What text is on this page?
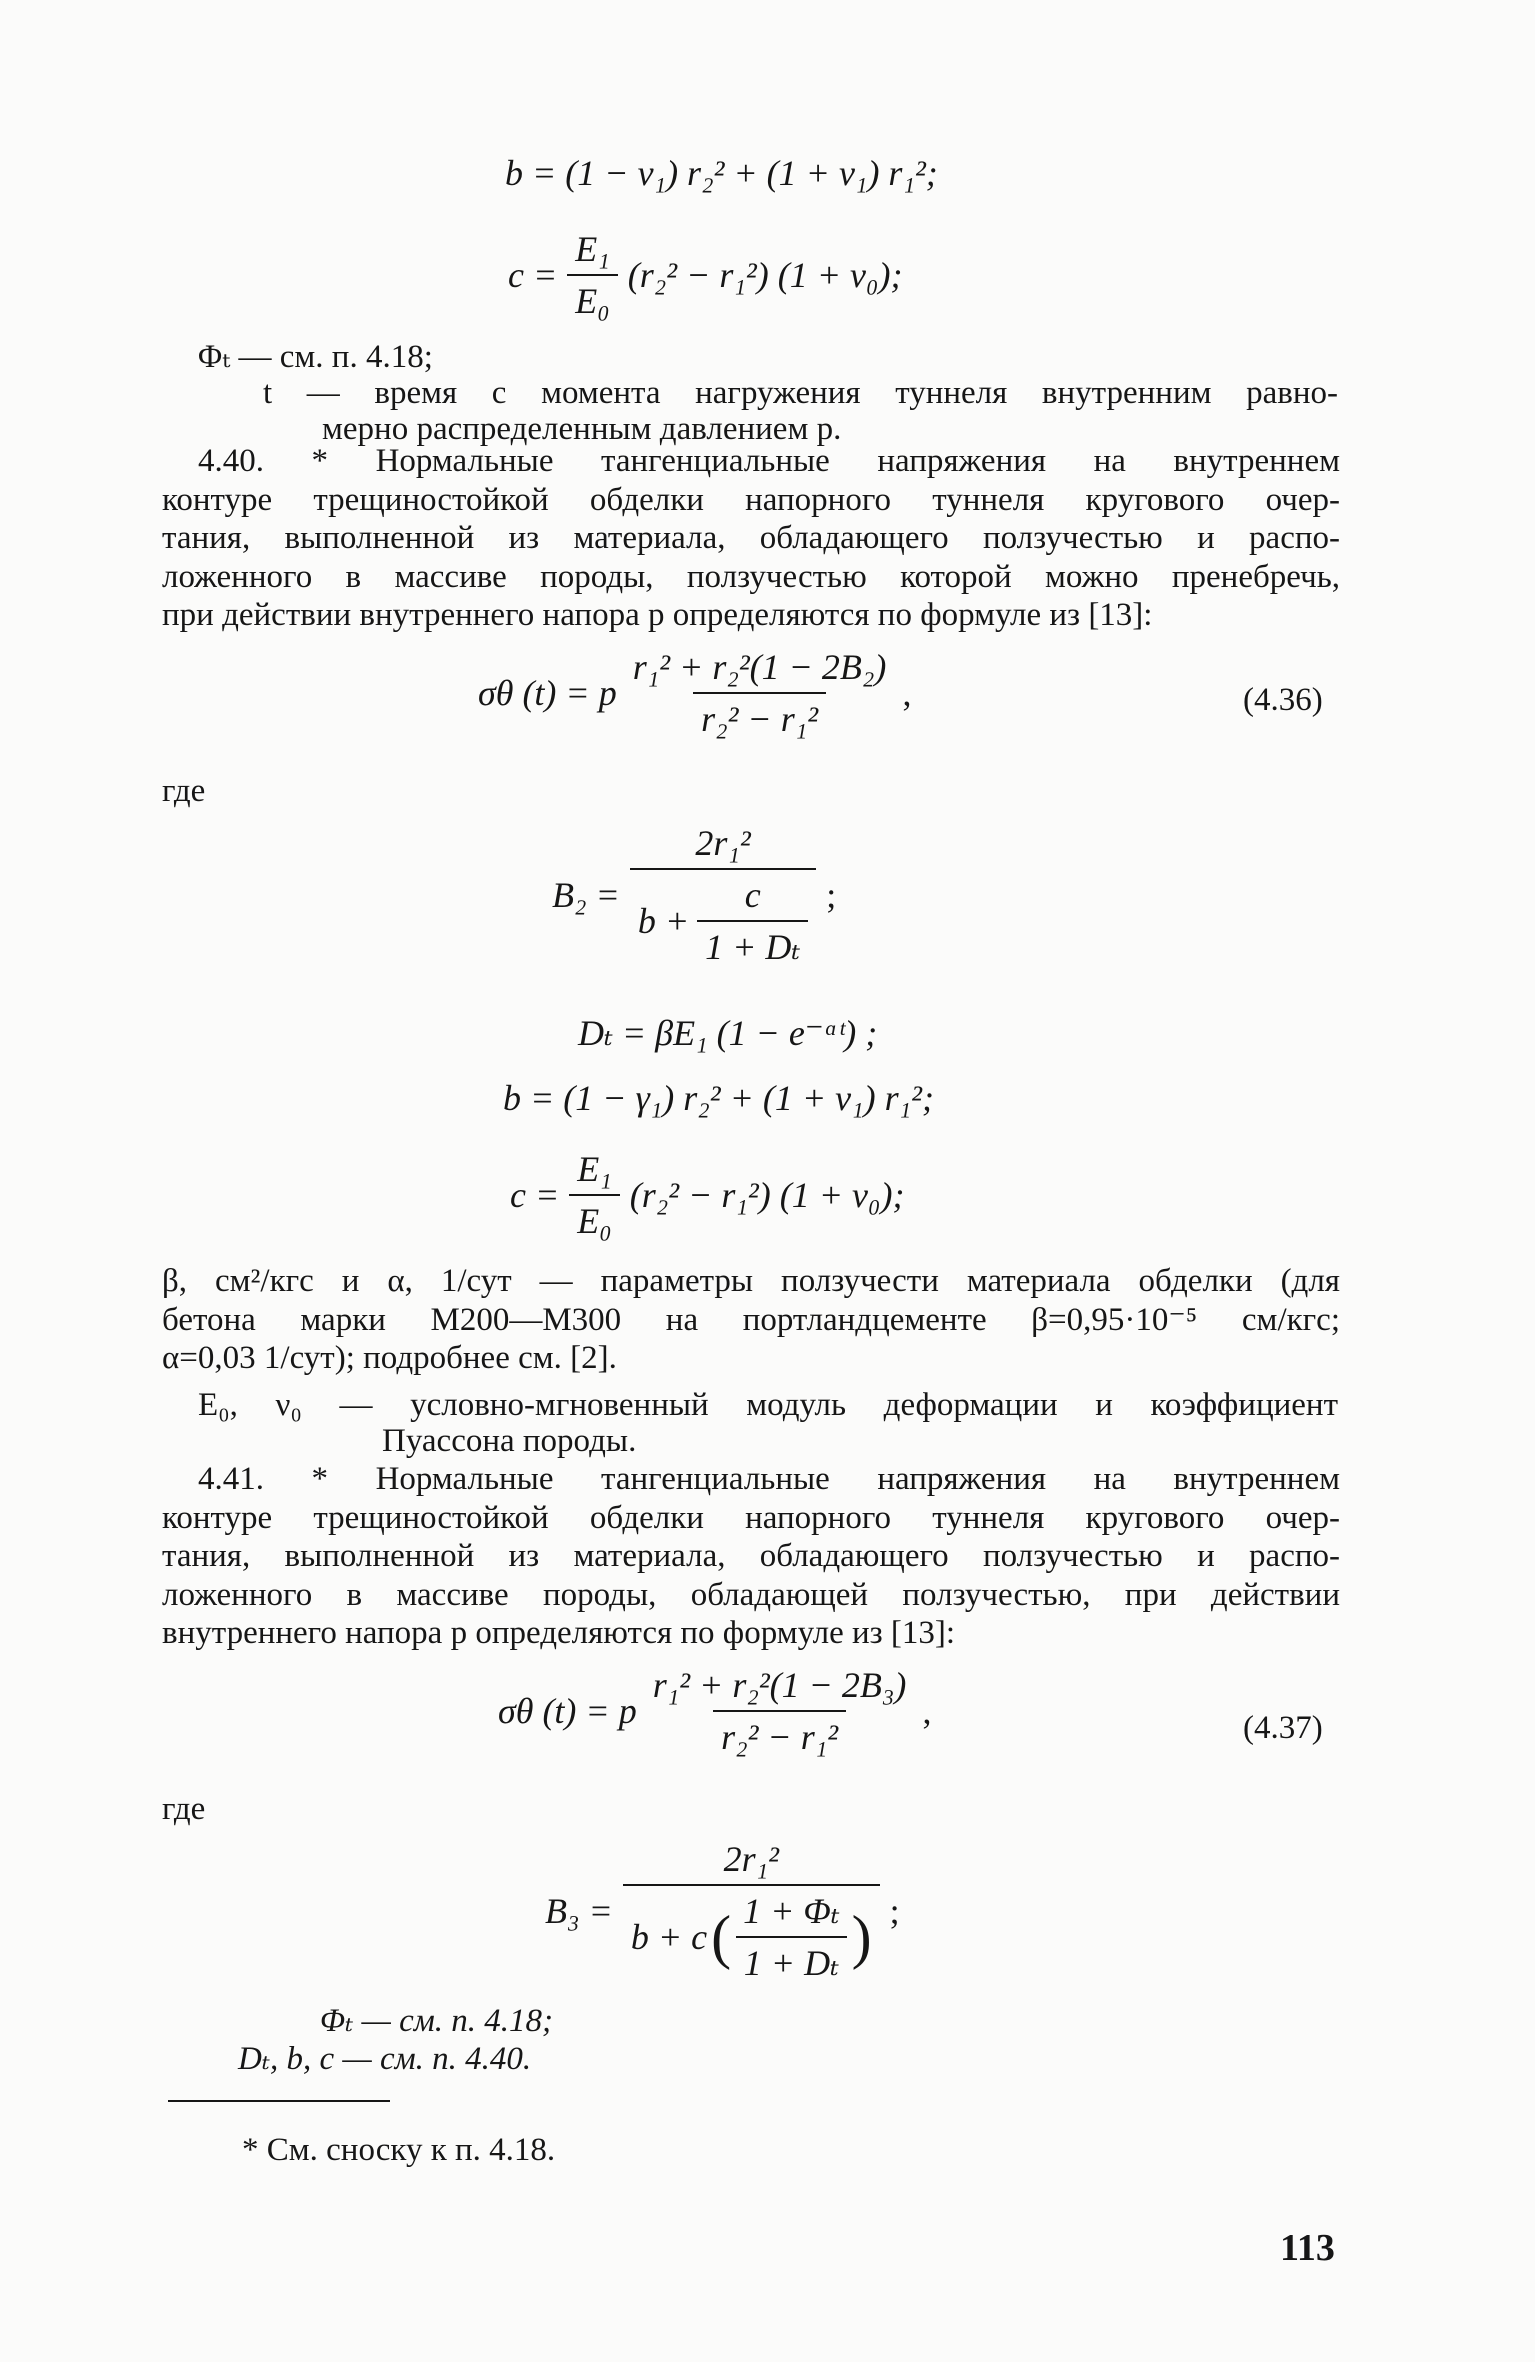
b = (1 − ν₁) r₂² + (1 + ν₁) r₁²;
$c = \frac{\text{E₁}}{\text{E₀}} (r_2^2 - r_1^2) (1 + \nu_0)$;
Φₜ — см. п. 4.18;
t — время с момента нагружения туннеля внутренним равно-
мерно распределенным давлением p.
4.40. * Нормальные тангенциальные напряжения на внутреннем
контуре трещиностойкой обделки напорного туннеля кругового очер-
тания, выполненной из материала, обладающего ползучестью и распо-
ложенного в массиве породы, ползучестью которой можно пренебречь,
при действии внутреннего напора p определяются по формуле из [13]:
σθ (t) = p $\frac{\text{r₁² + r₂²(1 − 2B₂)}}{\text{r₂² − r₁²}}$ ,	(4.36)
где
$B_2 = \frac{\text{2r₁²}}{b + \frac{c}{\text{1 + Dₜ}}}$ ;
Dₜ = βE₁ (1 − e⁻ᵅᵗ) ;
b = (1 − γ₁) r₂² + (1 + ν₁) r₁²;
$c = \frac{\text{E₁}}{\text{E₀}} (r_2^2 - r_1^2) (1 + \nu_0)$;
β, см²/кгс и α, 1/сут — параметры ползучести материала обделки (для
бетона марки М200—М300 на портландцементе β=0,95·10⁻⁵ см/кгс;
α=0,03 1/сут); подробнее см. [2].
E₀, ν₀ — условно-мгновенный модуль деформации и коэффициент
Пуассона породы.
4.41. * Нормальные тангенциальные напряжения на внутреннем
контуре трещиностойкой обделки напорного туннеля кругового очер-
тания, выполненной из материала, обладающего ползучестью и распо-
ложенного в массиве породы, обладающей ползучестью, при действии
внутреннего напора p определяются по формуле из [13]:
σθ (t) = p $\frac{\text{r₁² + r₂²(1 − 2B₃)}}{\text{r₂² − r₁²}}$ ,	(4.37)
где
B₃ =
2r₁²
b + c ( $\frac{\text{1 + Φₜ}}{\text{1 + Dₜ}}$ ) ;
Φₜ — см. п. 4.18;
Dₜ, b, c — см. п. 4.40.
* См. сноску к п. 4.18.
113
